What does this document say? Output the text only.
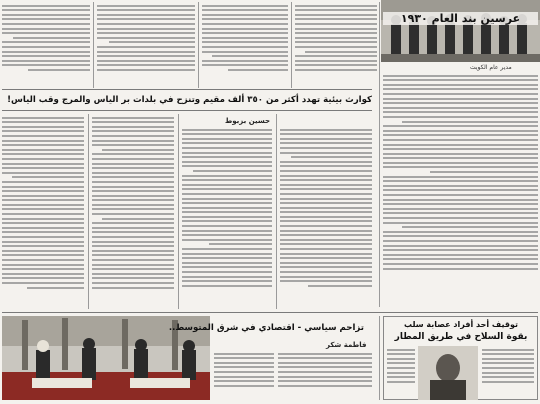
عرسين بند العام ١٩٣٠
مدير عام الكويت
كوارث بيئية تهدد أكثر من ٣٥٠ ألف مقيم وتنزح في بلدات بر الياس والمرج وقب الياس!
حسين بزبوط
تزاحم سياسي - اقتصادي في شرق المتوسط..
فاطمة شكر
توقيف أحد أفراد عصابة سلب
بقوة السلاح في طريق المطار
